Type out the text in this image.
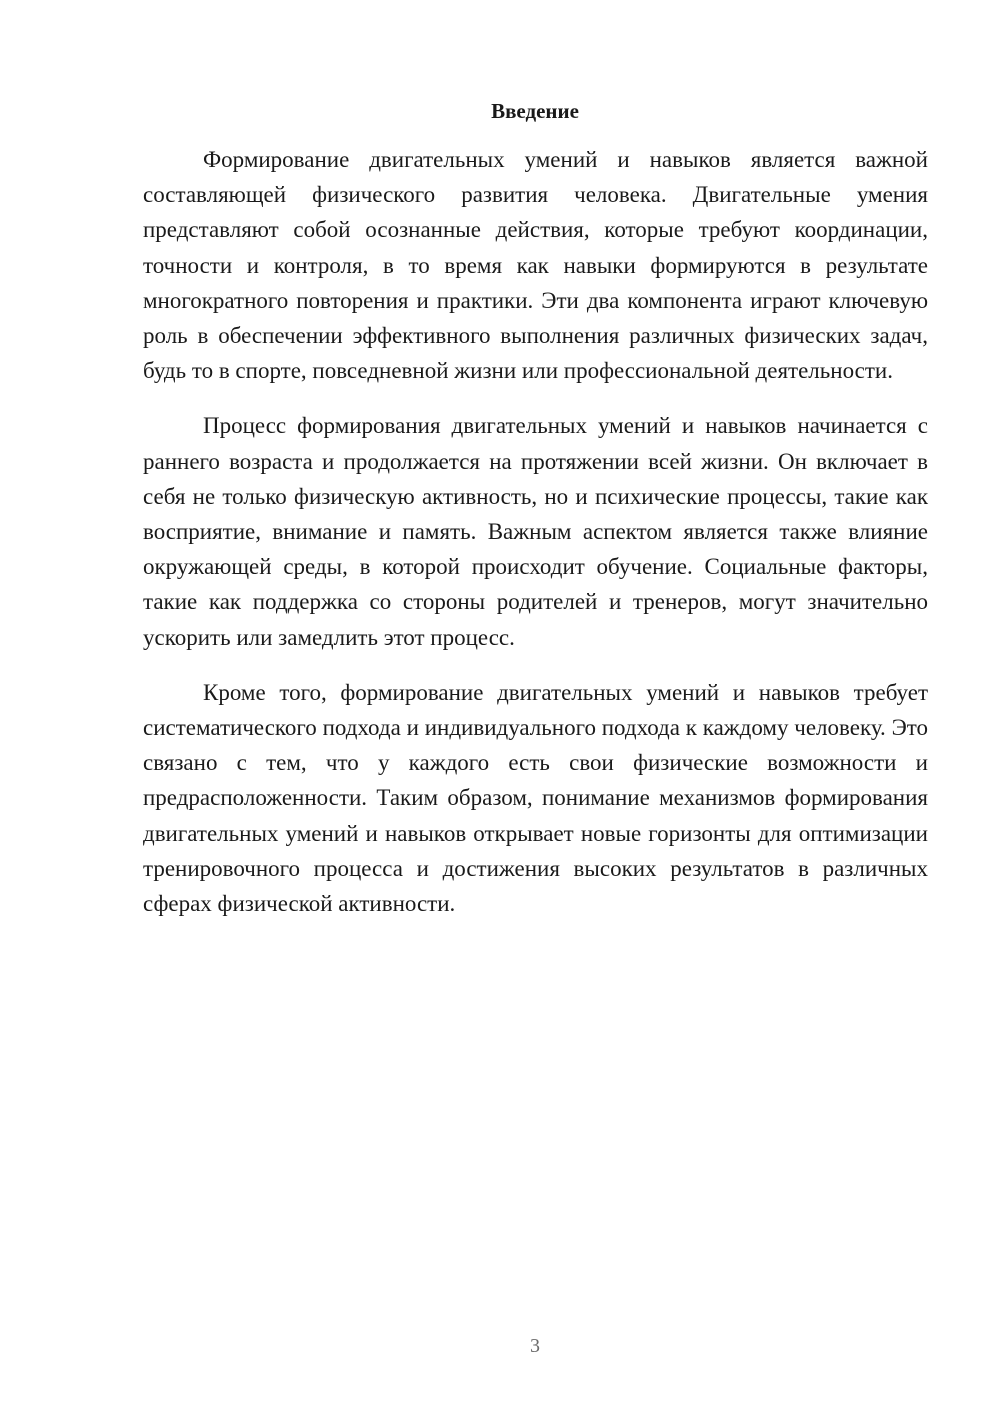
Введение

Формирование двигательных умений и навыков является важной составляющей физического развития человека. Двигательные умения представляют собой осознанные действия, которые требуют координации, точности и контроля, в то время как навыки формируются в результате многократного повторения и практики. Эти два компонента играют ключевую роль в обеспечении эффективного выполнения различных физических задач, будь то в спорте, повседневной жизни или профессиональной деятельности.

Процесс формирования двигательных умений и навыков начинается с раннего возраста и продолжается на протяжении всей жизни. Он включает в себя не только физическую активность, но и психические процессы, такие как восприятие, внимание и память. Важным аспектом является также влияние окружающей среды, в которой происходит обучение. Социальные факторы, такие как поддержка со стороны родителей и тренеров, могут значительно ускорить или замедлить этот процесс.

Кроме того, формирование двигательных умений и навыков требует систематического подхода и индивидуального подхода к каждому человеку. Это связано с тем, что у каждого есть свои физические возможности и предрасположенности. Таким образом, понимание механизмов формирования двигательных умений и навыков открывает новые горизонты для оптимизации тренировочного процесса и достижения высоких результатов в различных сферах физической активности.

3
